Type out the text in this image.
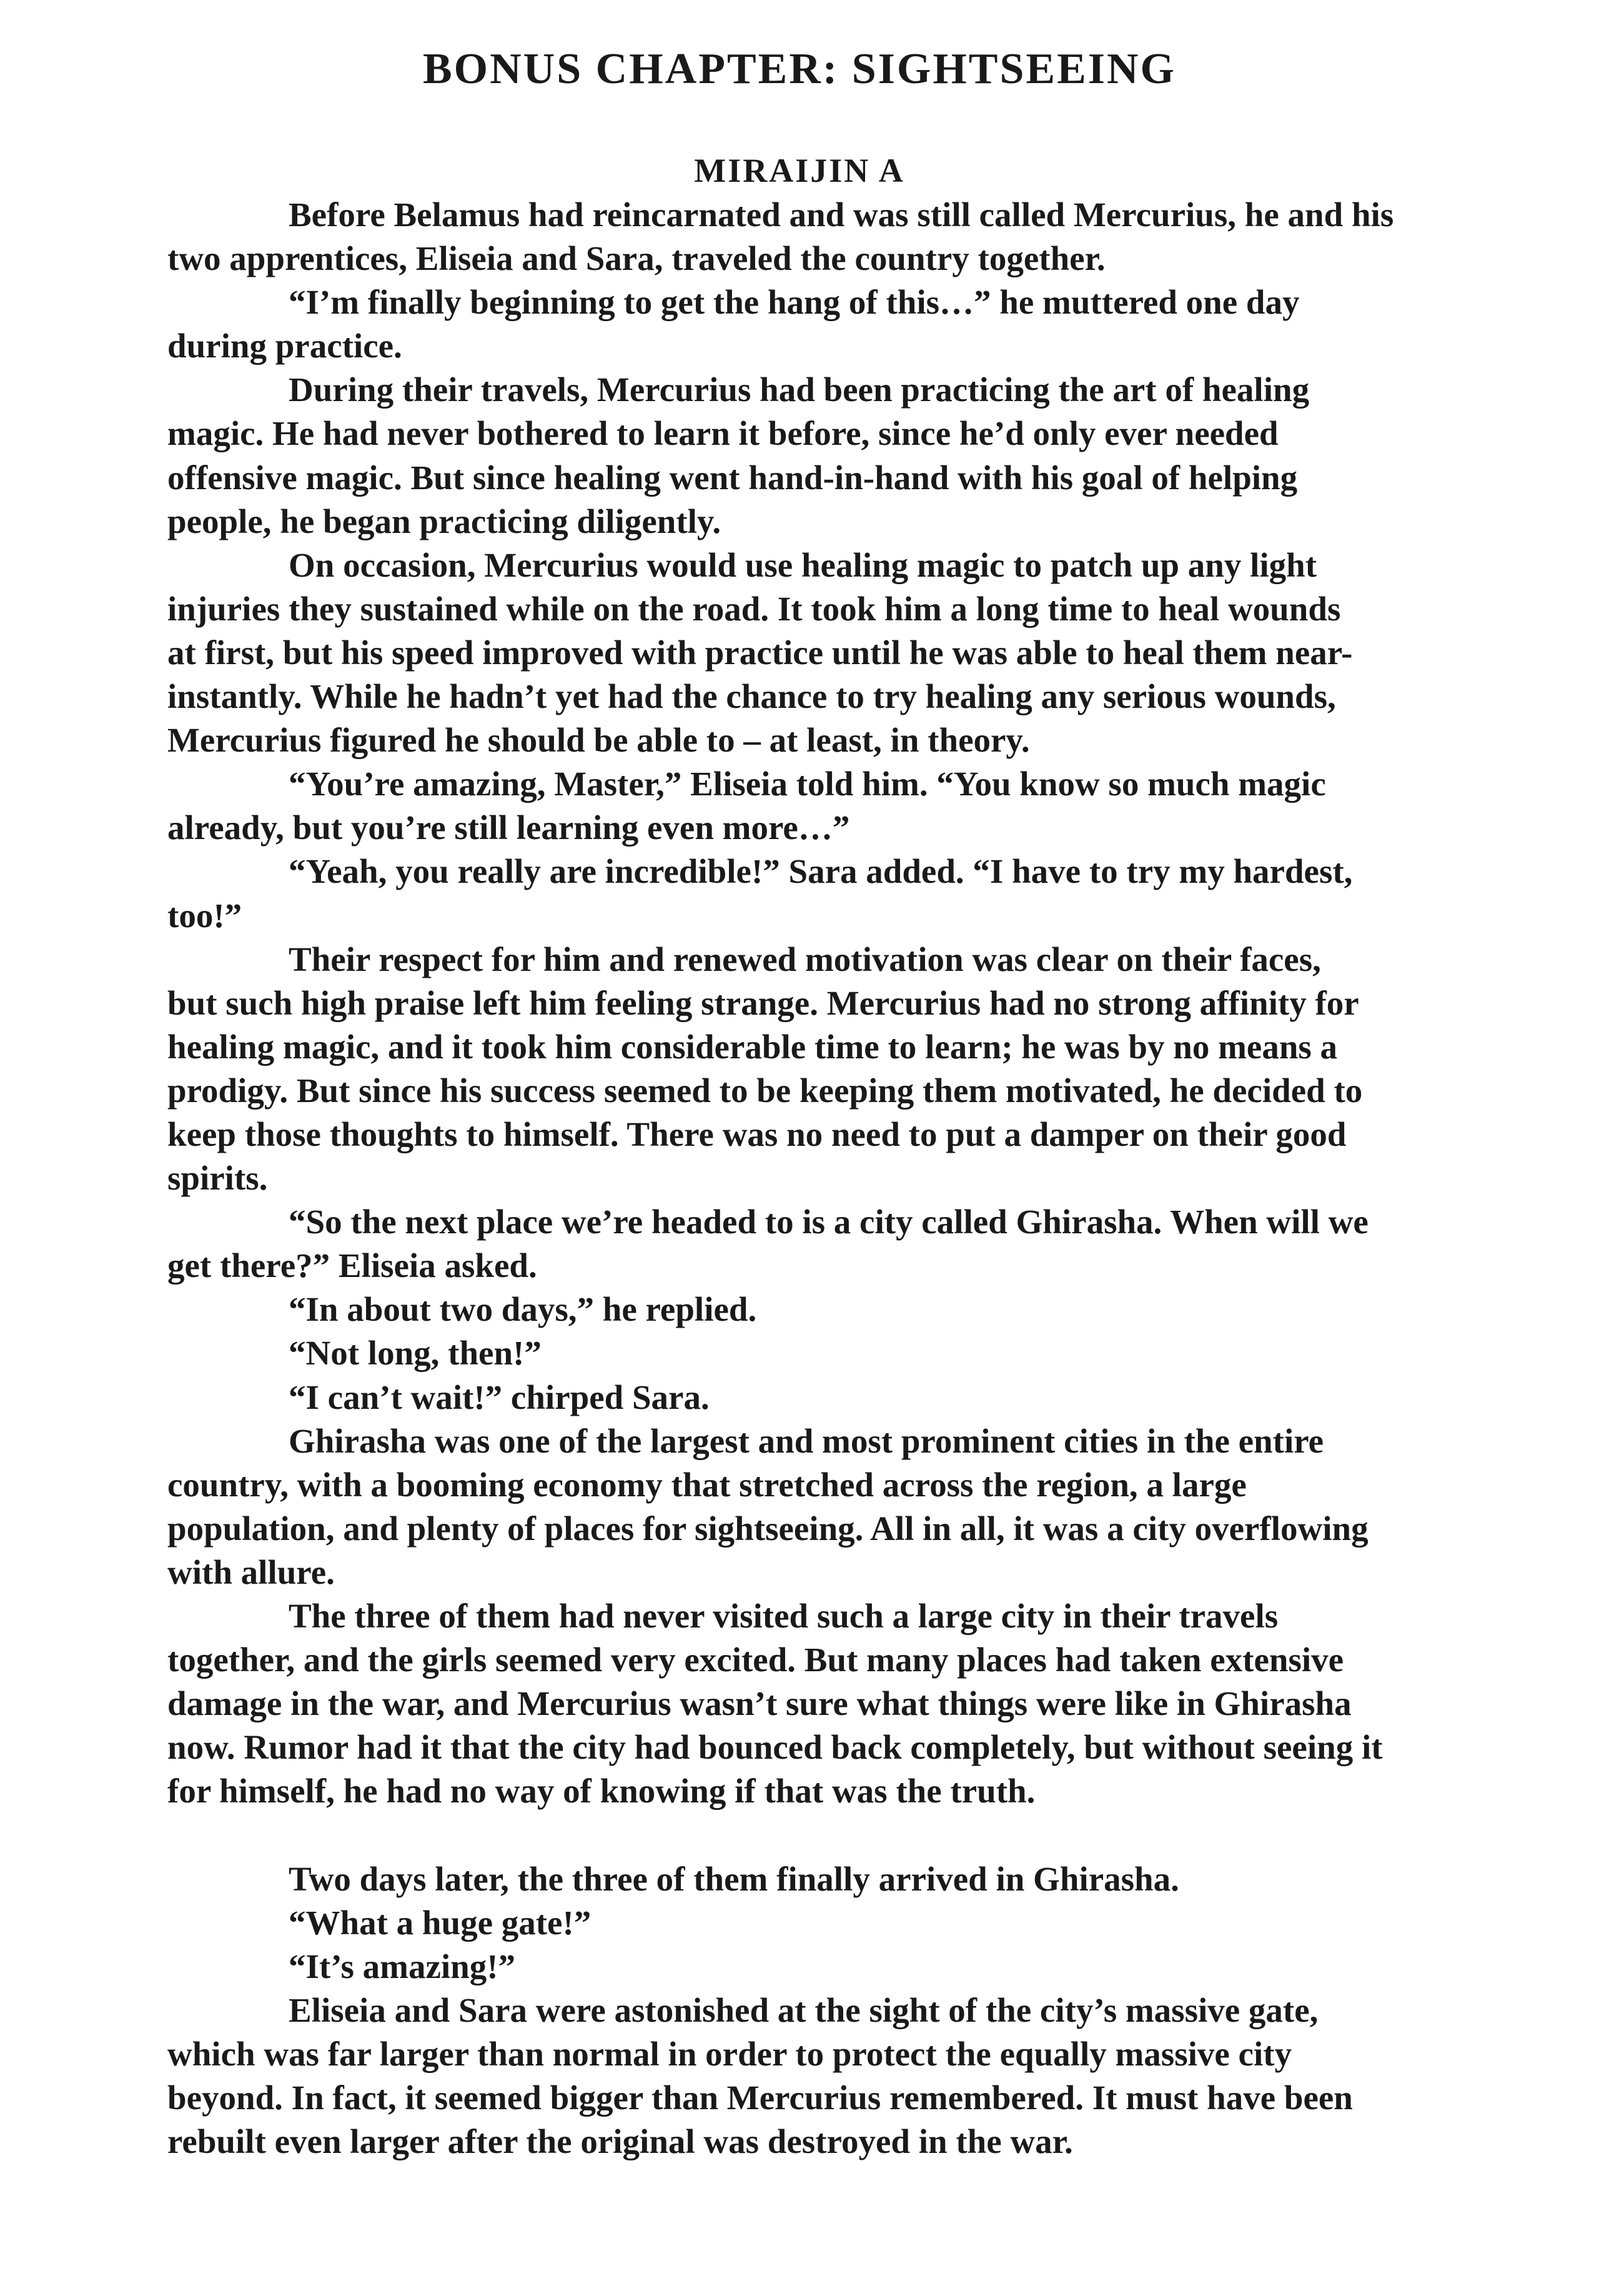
BONUS CHAPTER: SIGHTSEEING
MIRAIJIN A
Before Belamus had reincarnated and was still called Mercurius, he and his
two apprentices, Eliseia and Sara, traveled the country together.
“I’m finally beginning to get the hang of this…” he muttered one day
during practice.
During their travels, Mercurius had been practicing the art of healing
magic. He had never bothered to learn it before, since he’d only ever needed
offensive magic. But since healing went hand-in-hand with his goal of helping
people, he began practicing diligently.
On occasion, Mercurius would use healing magic to patch up any light
injuries they sustained while on the road. It took him a long time to heal wounds
at first, but his speed improved with practice until he was able to heal them near-
instantly. While he hadn’t yet had the chance to try healing any serious wounds,
Mercurius figured he should be able to – at least, in theory.
“You’re amazing, Master,” Eliseia told him. “You know so much magic
already, but you’re still learning even more…”
“Yeah, you really are incredible!” Sara added. “I have to try my hardest,
too!”
Their respect for him and renewed motivation was clear on their faces,
but such high praise left him feeling strange. Mercurius had no strong affinity for
healing magic, and it took him considerable time to learn; he was by no means a
prodigy. But since his success seemed to be keeping them motivated, he decided to
keep those thoughts to himself. There was no need to put a damper on their good
spirits.
“So the next place we’re headed to is a city called Ghirasha. When will we
get there?” Eliseia asked.
“In about two days,” he replied.
“Not long, then!”
“I can’t wait!” chirped Sara.
Ghirasha was one of the largest and most prominent cities in the entire
country, with a booming economy that stretched across the region, a large
population, and plenty of places for sightseeing. All in all, it was a city overflowing
with allure.
The three of them had never visited such a large city in their travels
together, and the girls seemed very excited. But many places had taken extensive
damage in the war, and Mercurius wasn’t sure what things were like in Ghirasha
now. Rumor had it that the city had bounced back completely, but without seeing it
for himself, he had no way of knowing if that was the truth.
Two days later, the three of them finally arrived in Ghirasha.
“What a huge gate!”
“It’s amazing!”
Eliseia and Sara were astonished at the sight of the city’s massive gate,
which was far larger than normal in order to protect the equally massive city
beyond. In fact, it seemed bigger than Mercurius remembered. It must have been
rebuilt even larger after the original was destroyed in the war.
